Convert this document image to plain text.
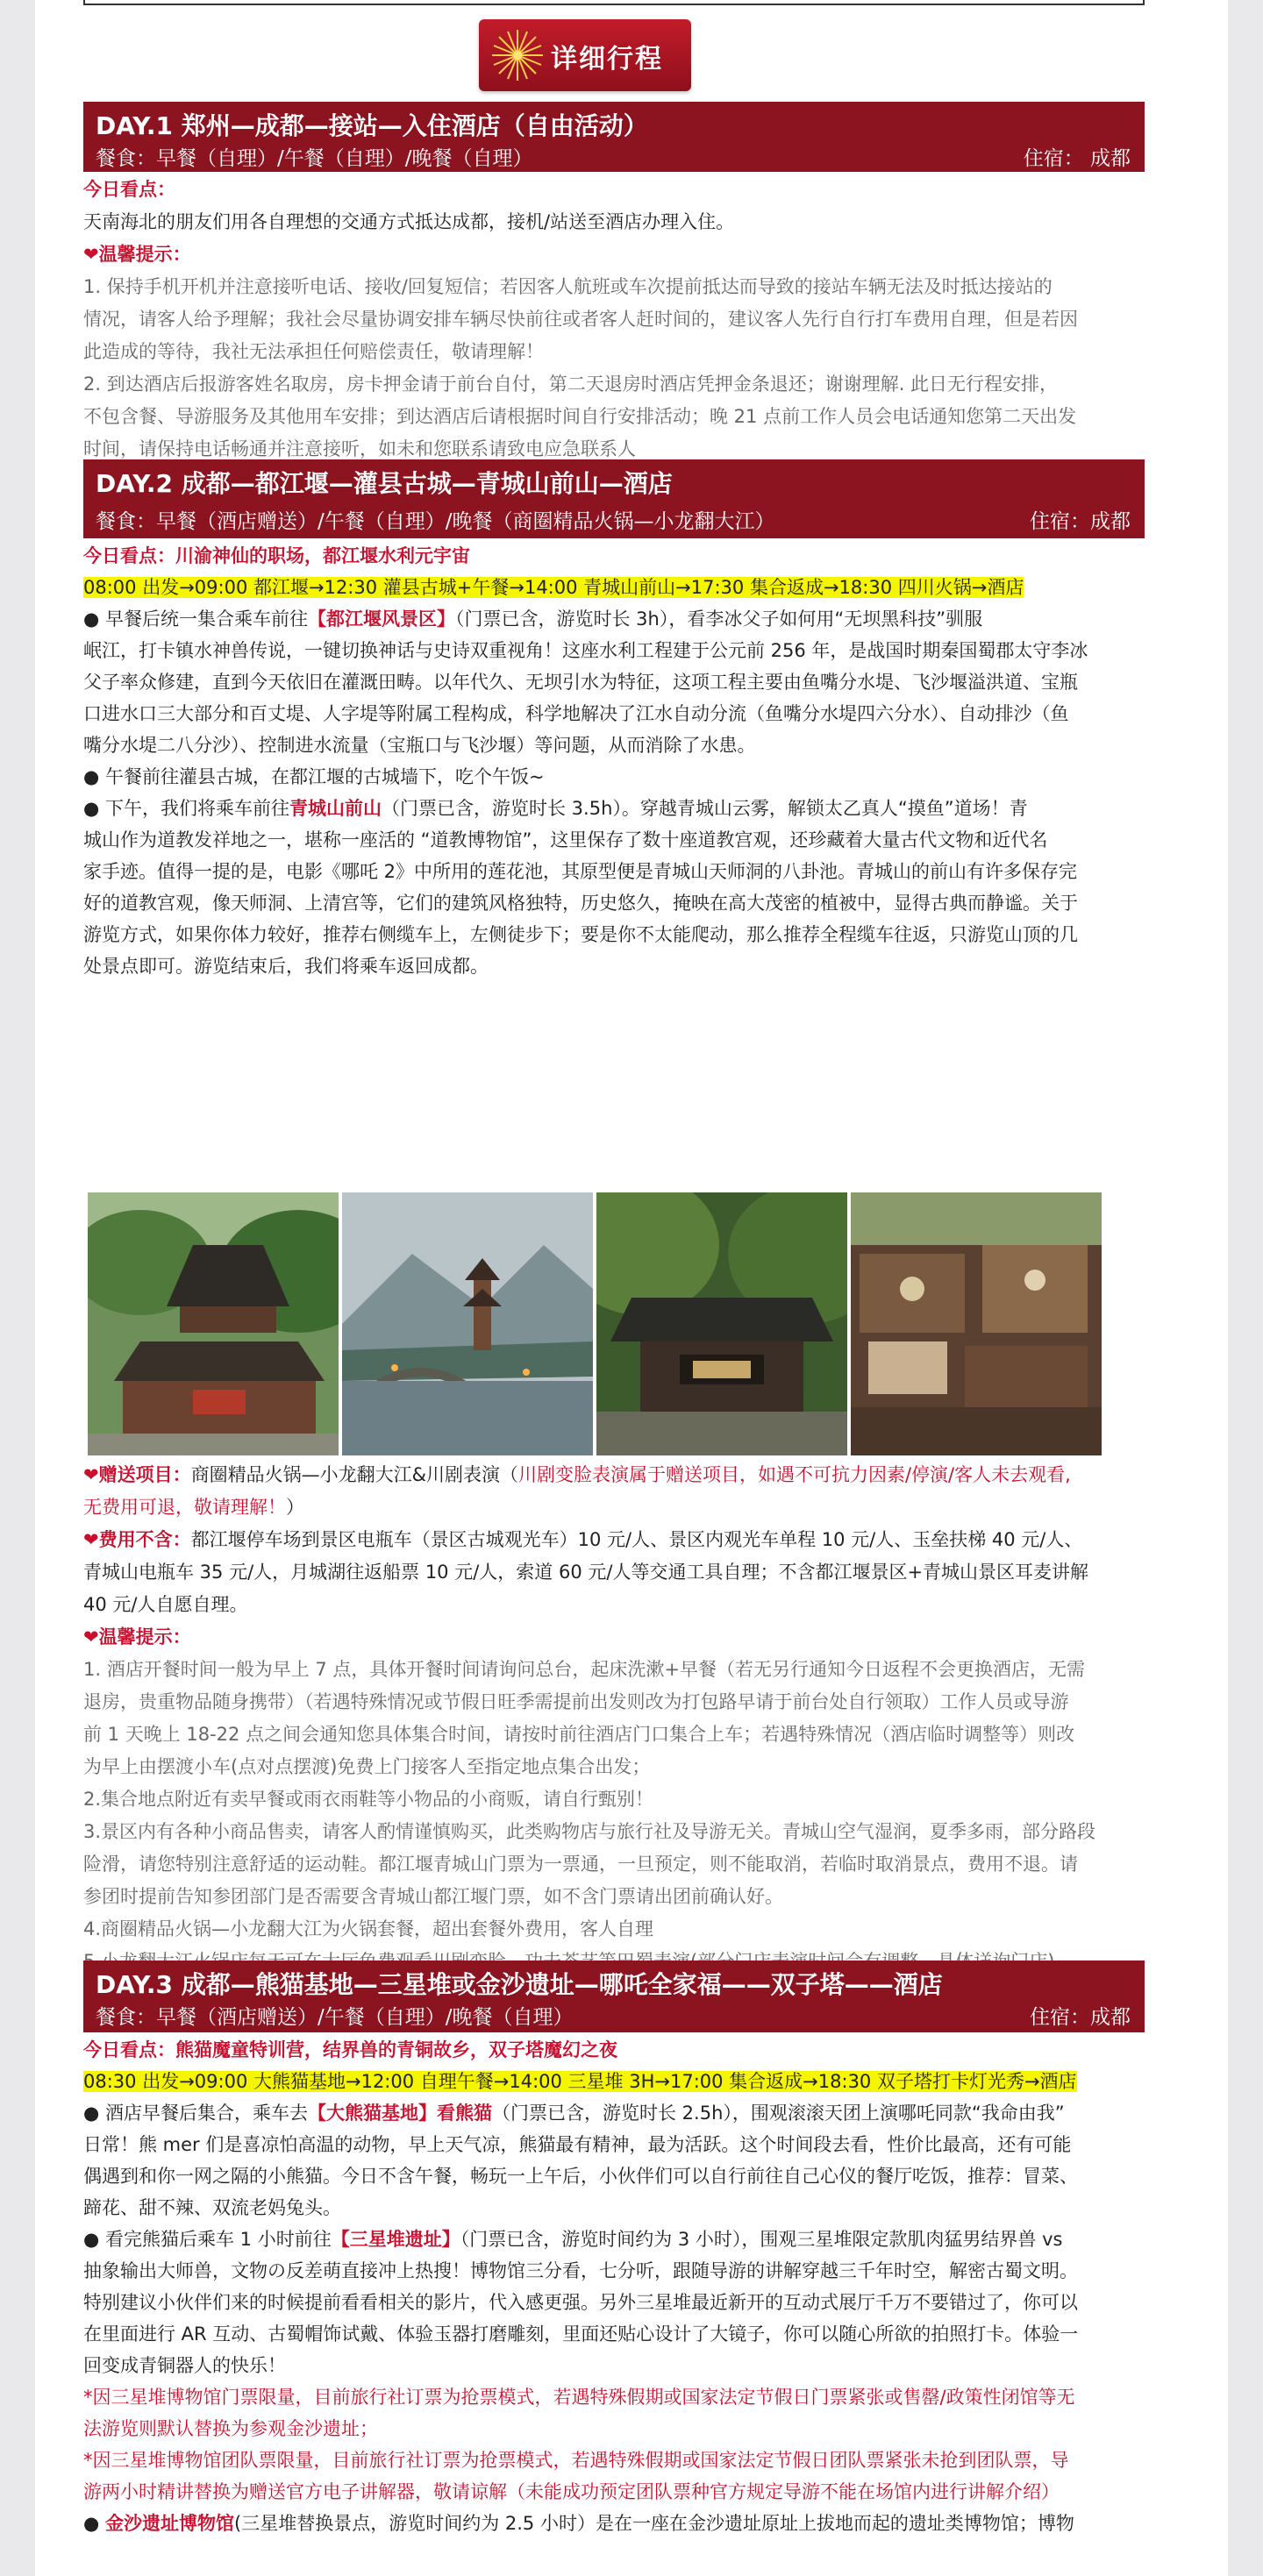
详细行程
DAY.1 郑州—成都—接站—入住酒店（自由活动）
餐食：早餐（自理）/午餐（自理）/晚餐（自理）	住宿： 成都
今日看点：
天南海北的朋友们用各自理想的交通方式抵达成都，接机/站送至酒店办理入住。
❤温馨提示：
1. 保持手机开机并注意接听电话、接收/回复短信；若因客人航班或车次提前抵达而导致的接站车辆无法及时抵达接站的
情况，请客人给予理解；我社会尽量协调安排车辆尽快前往或者客人赶时间的，建议客人先行自行打车费用自理，但是若因
此造成的等待，我社无法承担任何赔偿责任，敬请理解！
2. 到达酒店后报游客姓名取房，房卡押金请于前台自付，第二天退房时酒店凭押金条退还；谢谢理解. 此日无行程安排，
不包含餐、导游服务及其他用车安排；到达酒店后请根据时间自行安排活动；晚 21 点前工作人员会电话通知您第二天出发
时间，请保持电话畅通并注意接听，如未和您联系请致电应急联系人
DAY.2 成都—都江堰—灌县古城—青城山前山—酒店
餐食：早餐（酒店赠送）/午餐（自理）/晚餐（商圈精品火锅—小龙翻大江）	住宿：成都
今日看点：川渝神仙的职场，都江堰水利元宇宙
08:00 出发→09:00 都江堰→12:30 灌县古城+午餐→14:00 青城山前山→17:30 集合返成→18:30 四川火锅→酒店
● 早餐后统一集合乘车前往【都江堰风景区】（门票已含，游览时长 3h），看李冰父子如何用“无坝黑科技”驯服
岷江，打卡镇水神兽传说，一键切换神话与史诗双重视角！这座水利工程建于公元前 256 年，是战国时期秦国蜀郡太守李冰
父子率众修建，直到今天依旧在灌溉田畴。以年代久、无坝引水为特征，这项工程主要由鱼嘴分水堤、飞沙堰溢洪道、宝瓶
口进水口三大部分和百丈堤、人字堤等附属工程构成，科学地解决了江水自动分流（鱼嘴分水堤四六分水）、自动排沙（鱼
嘴分水堤二八分沙）、控制进水流量（宝瓶口与飞沙堰）等问题，从而消除了水患。
● 午餐前往灌县古城，在都江堰的古城墙下，吃个午饭~
● 下午，我们将乘车前往青城山前山（门票已含，游览时长 3.5h）。穿越青城山云雾，解锁太乙真人“摸鱼”道场！青
城山作为道教发祥地之一，堪称一座活的 “道教博物馆”，这里保存了数十座道教宫观，还珍藏着大量古代文物和近代名
家手迹。值得一提的是，电影《哪吒 2》中所用的莲花池，其原型便是青城山天师洞的八卦池。青城山的前山有许多保存完
好的道教宫观，像天师洞、上清宫等，它们的建筑风格独特，历史悠久，掩映在高大茂密的植被中，显得古典而静谧。关于
游览方式，如果你体力较好，推荐右侧缆车上，左侧徒步下；要是你不太能爬动，那么推荐全程缆车往返，只游览山顶的几
处景点即可。游览结束后，我们将乘车返回成都。
❤赠送项目：商圈精品火锅—小龙翻大江&川剧表演（川剧变脸表演属于赠送项目，如遇不可抗力因素/停演/客人未去观看,
无费用可退，敬请理解！）
❤费用不含：都江堰停车场到景区电瓶车（景区古城观光车）10 元/人、景区内观光车单程 10 元/人、玉垒扶梯 40 元/人、
青城山电瓶车 35 元/人，月城湖往返船票 10 元/人，索道 60 元/人等交通工具自理；不含都江堰景区+青城山景区耳麦讲解
40 元/人自愿自理。
❤温馨提示：
1. 酒店开餐时间一般为早上 7 点，具体开餐时间请询问总台，起床洗漱+早餐（若无另行通知今日返程不会更换酒店，无需
退房，贵重物品随身携带）（若遇特殊情况或节假日旺季需提前出发则改为打包路早请于前台处自行领取）工作人员或导游
前 1 天晚上 18-22 点之间会通知您具体集合时间，请按时前往酒店门口集合上车；若遇特殊情况（酒店临时调整等）则改
为早上由摆渡小车(点对点摆渡)免费上门接客人至指定地点集合出发；
2.集合地点附近有卖早餐或雨衣雨鞋等小物品的小商贩，请自行甄别！
3.景区内有各种小商品售卖，请客人酌情谨慎购买，此类购物店与旅行社及导游无关。青城山空气湿润，夏季多雨，部分路段
险滑，请您特别注意舒适的运动鞋。都江堰青城山门票为一票通，一旦预定，则不能取消，若临时取消景点，费用不退。请
参团时提前告知参团部门是否需要含青城山都江堰门票，如不含门票请出团前确认好。
4.商圈精品火锅—小龙翻大江为火锅套餐，超出套餐外费用，客人自理
DAY.3 成都—熊猫基地—三星堆或金沙遗址—哪吒全家福——双子塔——酒店
餐食：早餐（酒店赠送）/午餐（自理）/晚餐（自理）	住宿：成都
今日看点：熊猫魔童特训营，结界兽的青铜故乡，双子塔魔幻之夜
08:30 出发→09:00 大熊猫基地→12:00 自理午餐→14:00 三星堆 3H→17:00 集合返成→18:30 双子塔打卡灯光秀→酒店
● 酒店早餐后集合，乘车去【大熊猫基地】看熊猫（门票已含，游览时长 2.5h），围观滚滚天团上演哪吒同款“我命由我”
日常！熊 mer 们是喜凉怕高温的动物，早上天气凉，熊猫最有精神，最为活跃。这个时间段去看，性价比最高，还有可能
偶遇到和你一网之隔的小熊猫。今日不含午餐，畅玩一上午后，小伙伴们可以自行前往自己心仪的餐厅吃饭，推荐：冒菜、
蹄花、甜不辣、双流老妈兔头。
● 看完熊猫后乘车 1 小时前往【三星堆遗址】（门票已含，游览时间约为 3 小时），围观三星堆限定款肌肉猛男结界兽 vs
抽象输出大师兽，文物の反差萌直接冲上热搜！博物馆三分看，七分听，跟随导游的讲解穿越三千年时空，解密古蜀文明。
特别建议小伙伴们来的时候提前看看相关的影片，代入感更强。另外三星堆最近新开的互动式展厅千万不要错过了，你可以
在里面进行 AR 互动、古蜀帽饰试戴、体验玉器打磨雕刻，里面还贴心设计了大镜子，你可以随心所欲的拍照打卡。体验一
回变成青铜器人的快乐！
*因三星堆博物馆门票限量，目前旅行社订票为抢票模式，若遇特殊假期或国家法定节假日门票紧张或售罄/政策性闭馆等无
法游览则默认替换为参观金沙遗址；
*因三星堆博物馆团队票限量，目前旅行社订票为抢票模式，若遇特殊假期或国家法定节假日团队票紧张未抢到团队票，导
游两小时精讲替换为赠送官方电子讲解器，敬请谅解（未能成功预定团队票种官方规定导游不能在场馆内进行讲解介绍）
● 金沙遗址博物馆(三星堆替换景点，游览时间约为 2.5 小时）是在一座在金沙遗址原址上拔地而起的遗址类博物馆；博物
